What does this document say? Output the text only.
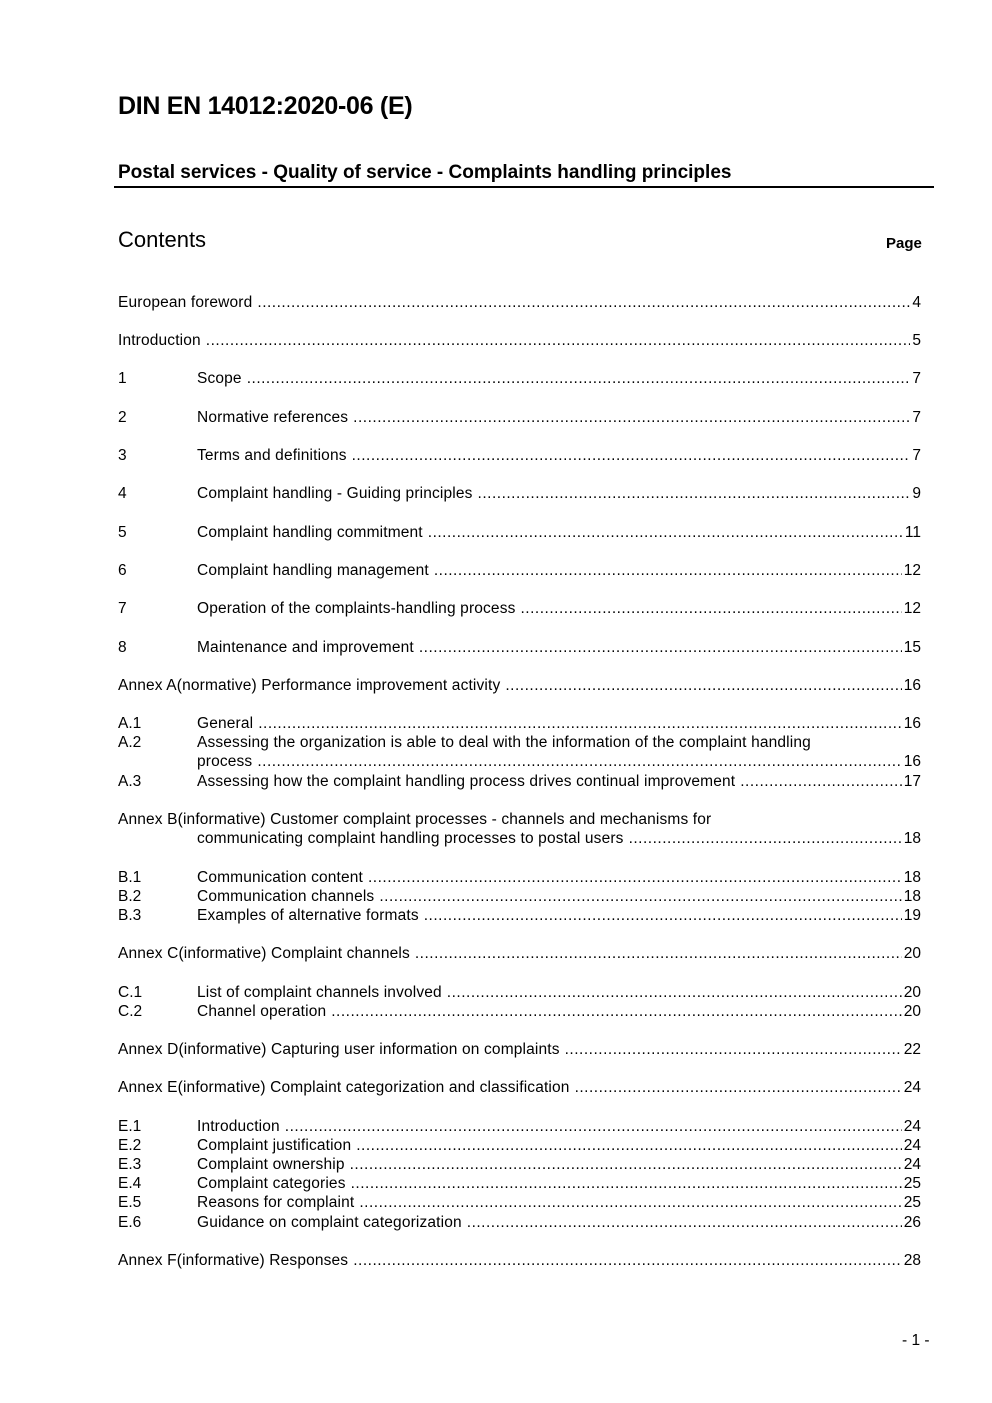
DIN EN 14012:2020-06 (E)
Postal services - Quality of service - Complaints handling principles
Contents	Page
European foreword .....	4
Introduction .....	5
1	Scope .....	7
2	Normative references .....	7
3	Terms and definitions .....	7
4	Complaint handling - Guiding principles .....	9
5	Complaint handling commitment .....	11
6	Complaint handling management .....	12
7	Operation of the complaints-handling process .....	12
8	Maintenance and improvement .....	15
Annex A(normative) Performance improvement activity .....	16
A.1	General .....	16
A.2	Assessing the organization is able to deal with the information of the complaint handling
process .....	16
A.3	Assessing how the complaint handling process drives continual improvement .....	17
Annex B(informative) Customer complaint processes - channels and mechanisms for
communicating complaint handling processes to postal users .....	18
B.1	Communication content .....	18
B.2	Communication channels .....	18
B.3	Examples of alternative formats .....	19
Annex C(informative) Complaint channels .....	20
C.1	List of complaint channels involved .....	20
C.2	Channel operation .....	20
Annex D(informative) Capturing user information on complaints .....	22
Annex E(informative) Complaint categorization and classification .....	24
E.1	Introduction .....	24
E.2	Complaint justification .....	24
E.3	Complaint ownership .....	24
E.4	Complaint categories .....	25
E.5	Reasons for complaint .....	25
E.6	Guidance on complaint categorization .....	26
Annex F(informative) Responses .....	28
- 1 -
